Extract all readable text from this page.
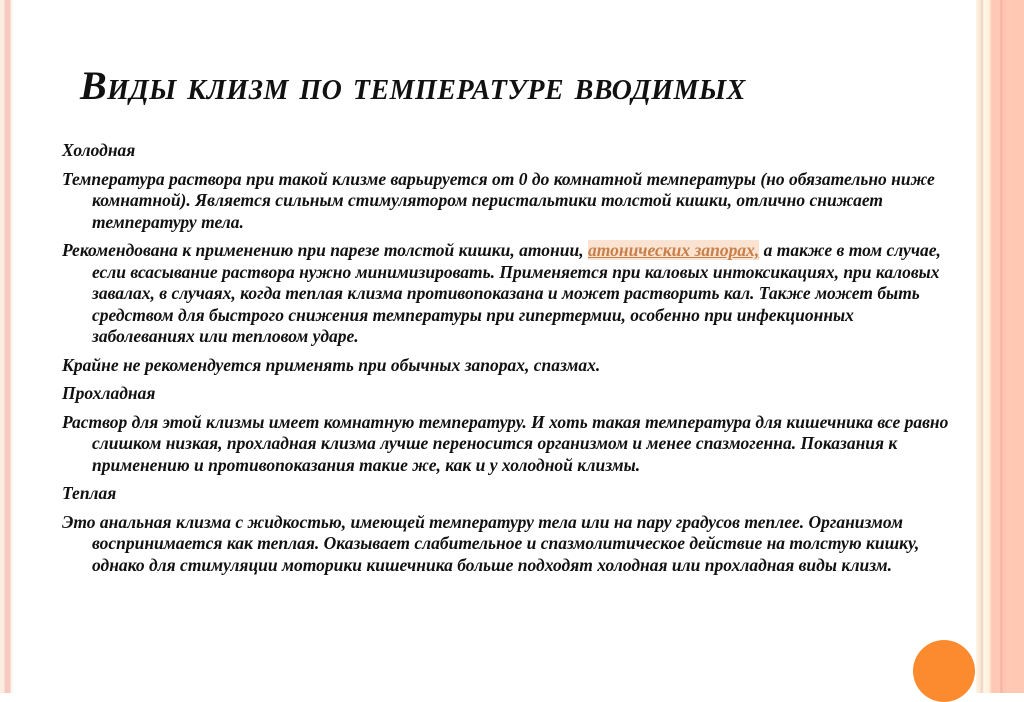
Виды клизм по температуре вводимых

Холодная

Температура раствора при такой клизме варьируется от 0 до комнатной температуры (но обязательно ниже комнатной). Является сильным стимулятором перистальтики толстой кишки, отлично снижает температуру тела.

Рекомендована к применению при парезе толстой кишки, атонии, атонических запорах, а также в том случае, если всасывание раствора нужно минимизировать. Применяется при каловых интоксикациях, при каловых завалах, в случаях, когда теплая клизма противопоказана и может растворить кал. Также может быть средством для быстрого снижения температуры при гипертермии, особенно при инфекционных заболеваниях или тепловом ударе.

Крайне не рекомендуется применять при обычных запорах, спазмах.

Прохладная

Раствор для этой клизмы имеет комнатную температуру. И хоть такая температура для кишечника все равно слишком низкая, прохладная клизма лучше переносится организмом и менее спазмогенна. Показания к применению и противопоказания такие же, как и у холодной клизмы.

Теплая

Это анальная клизма с жидкостью, имеющей температуру тела или на пару градусов теплее. Организмом воспринимается как теплая. Оказывает слабительное и спазмолитическое действие на толстую кишку, однако для стимуляции моторики кишечника больше подходят холодная или прохладная виды клизм.
